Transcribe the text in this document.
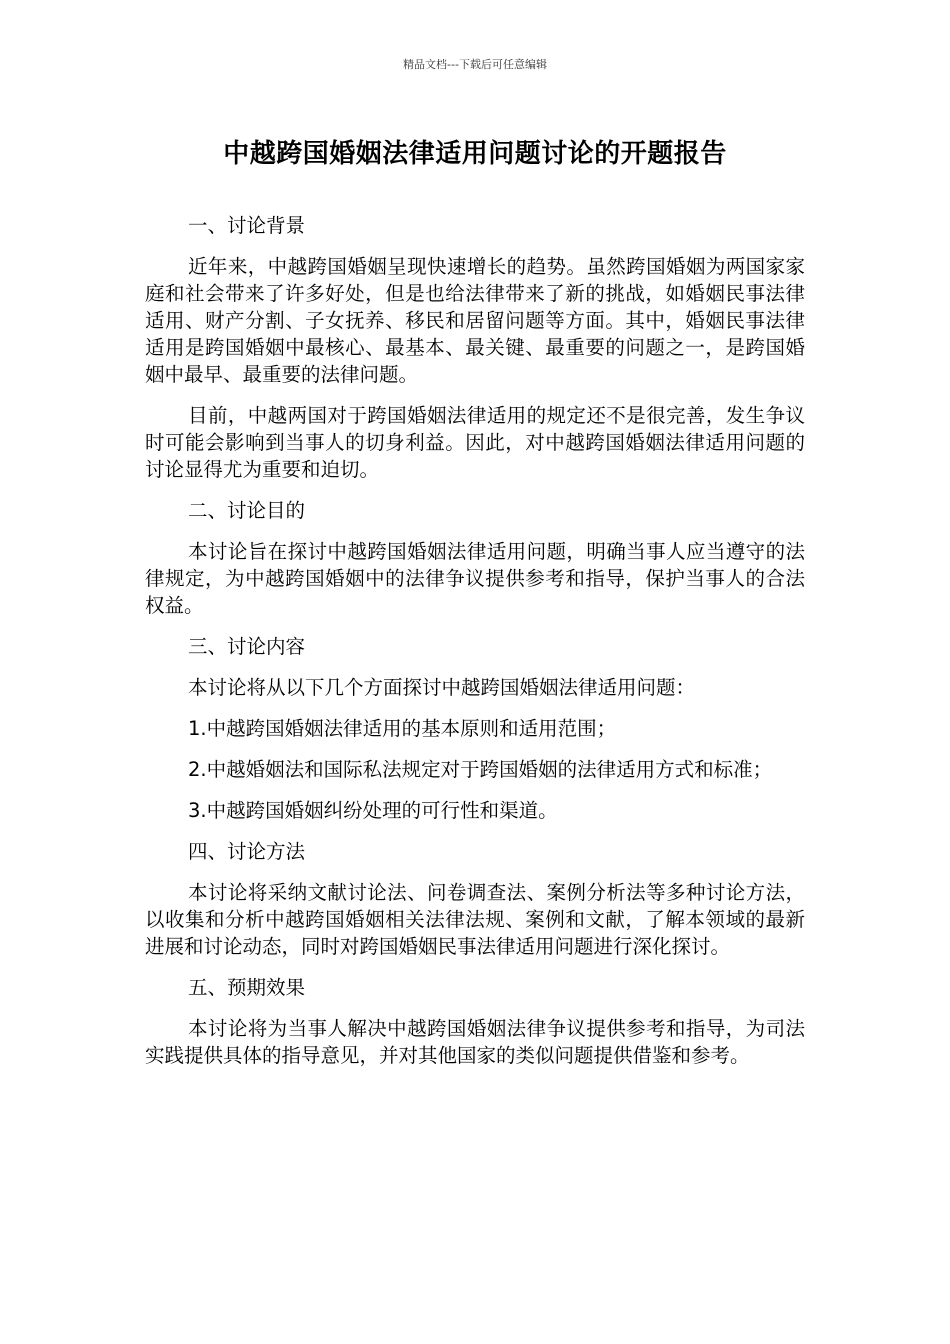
精品文档---下载后可任意编辑
中越跨国婚姻法律适用问题讨论的开题报告

一、讨论背景

近年来，中越跨国婚姻呈现快速增长的趋势。虽然跨国婚姻为两国家家庭和社会带来了许多好处，但是也给法律带来了新的挑战，如婚姻民事法律适用、财产分割、子女抚养、移民和居留问题等方面。其中，婚姻民事法律适用是跨国婚姻中最核心、最基本、最关键、最重要的问题之一，是跨国婚姻中最早、最重要的法律问题。

目前，中越两国对于跨国婚姻法律适用的规定还不是很完善，发生争议时可能会影响到当事人的切身利益。因此，对中越跨国婚姻法律适用问题的讨论显得尤为重要和迫切。

二、讨论目的

本讨论旨在探讨中越跨国婚姻法律适用问题，明确当事人应当遵守的法律规定，为中越跨国婚姻中的法律争议提供参考和指导，保护当事人的合法权益。

三、讨论内容

本讨论将从以下几个方面探讨中越跨国婚姻法律适用问题：

1.中越跨国婚姻法律适用的基本原则和适用范围；

2.中越婚姻法和国际私法规定对于跨国婚姻的法律适用方式和标准；

3.中越跨国婚姻纠纷处理的可行性和渠道。

四、讨论方法

本讨论将采纳文献讨论法、问卷调查法、案例分析法等多种讨论方法，以收集和分析中越跨国婚姻相关法律法规、案例和文献，了解本领域的最新进展和讨论动态，同时对跨国婚姻民事法律适用问题进行深化探讨。

五、预期效果

本讨论将为当事人解决中越跨国婚姻法律争议提供参考和指导，为司法实践提供具体的指导意见，并对其他国家的类似问题提供借鉴和参考。
